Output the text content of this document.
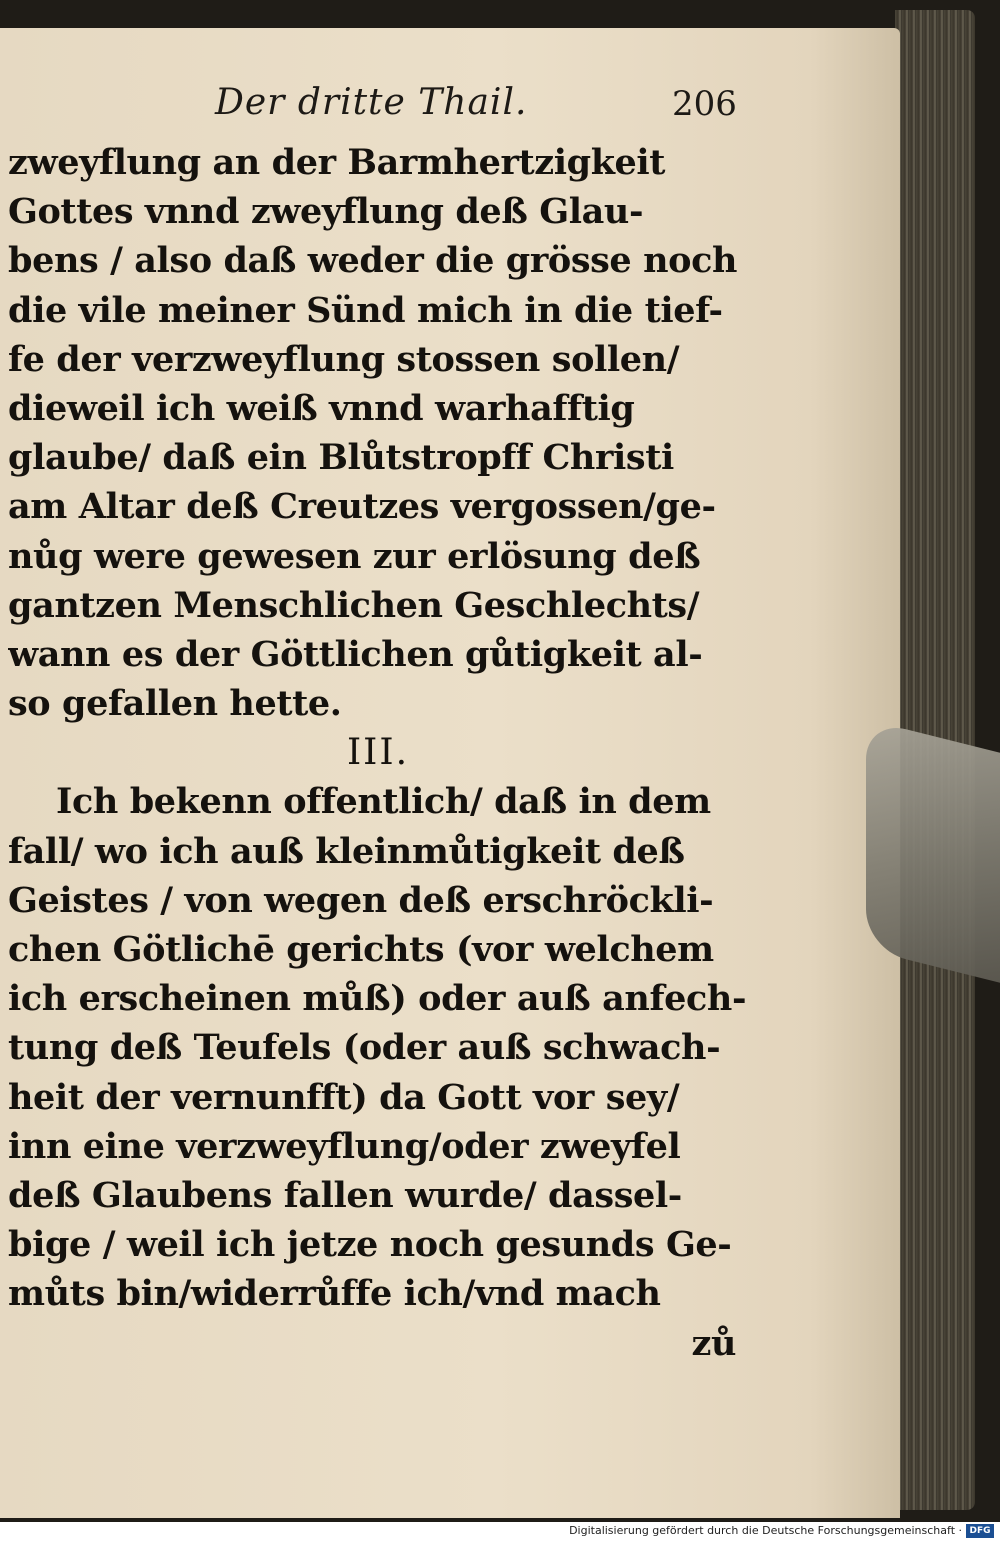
Der dritte Thail.	206
zweyflung an der Barmhertzigkeit
Gottes vnnd zweyflung deß Glau-
bens / also daß weder die grösse noch
die vile meiner Sünd mich in die tief-
fe der verzweyflung stossen sollen/
dieweil ich weiß vnnd warhafftig
glaube/ daß ein Blůtstropff Christi
am Altar deß Creutzes vergossen/ge-
nůg were gewesen zur erlösung deß
gantzen Menschlichen Geschlechts/
wann es der Göttlichen gůtigkeit al-
so gefallen hette.
III.
Ich bekenn offentlich/ daß in dem
fall/ wo ich auß kleinmůtigkeit deß
Geistes / von wegen deß erschröckli-
chen Götlichē gerichts (vor welchem
ich erscheinen můß) oder auß anfech-
tung deß Teufels (oder auß schwach-
heit der vernunfft) da Gott vor sey/
inn eine verzweyflung/oder zweyfel
deß Glaubens fallen wurde/ dassel-
bige / weil ich jetze noch gesunds Ge-
můts bin/widerrůffe ich/vnd mach
zů
Digitalisierung gefördert durch die Deutsche Forschungsgemeinschaft · DFG
